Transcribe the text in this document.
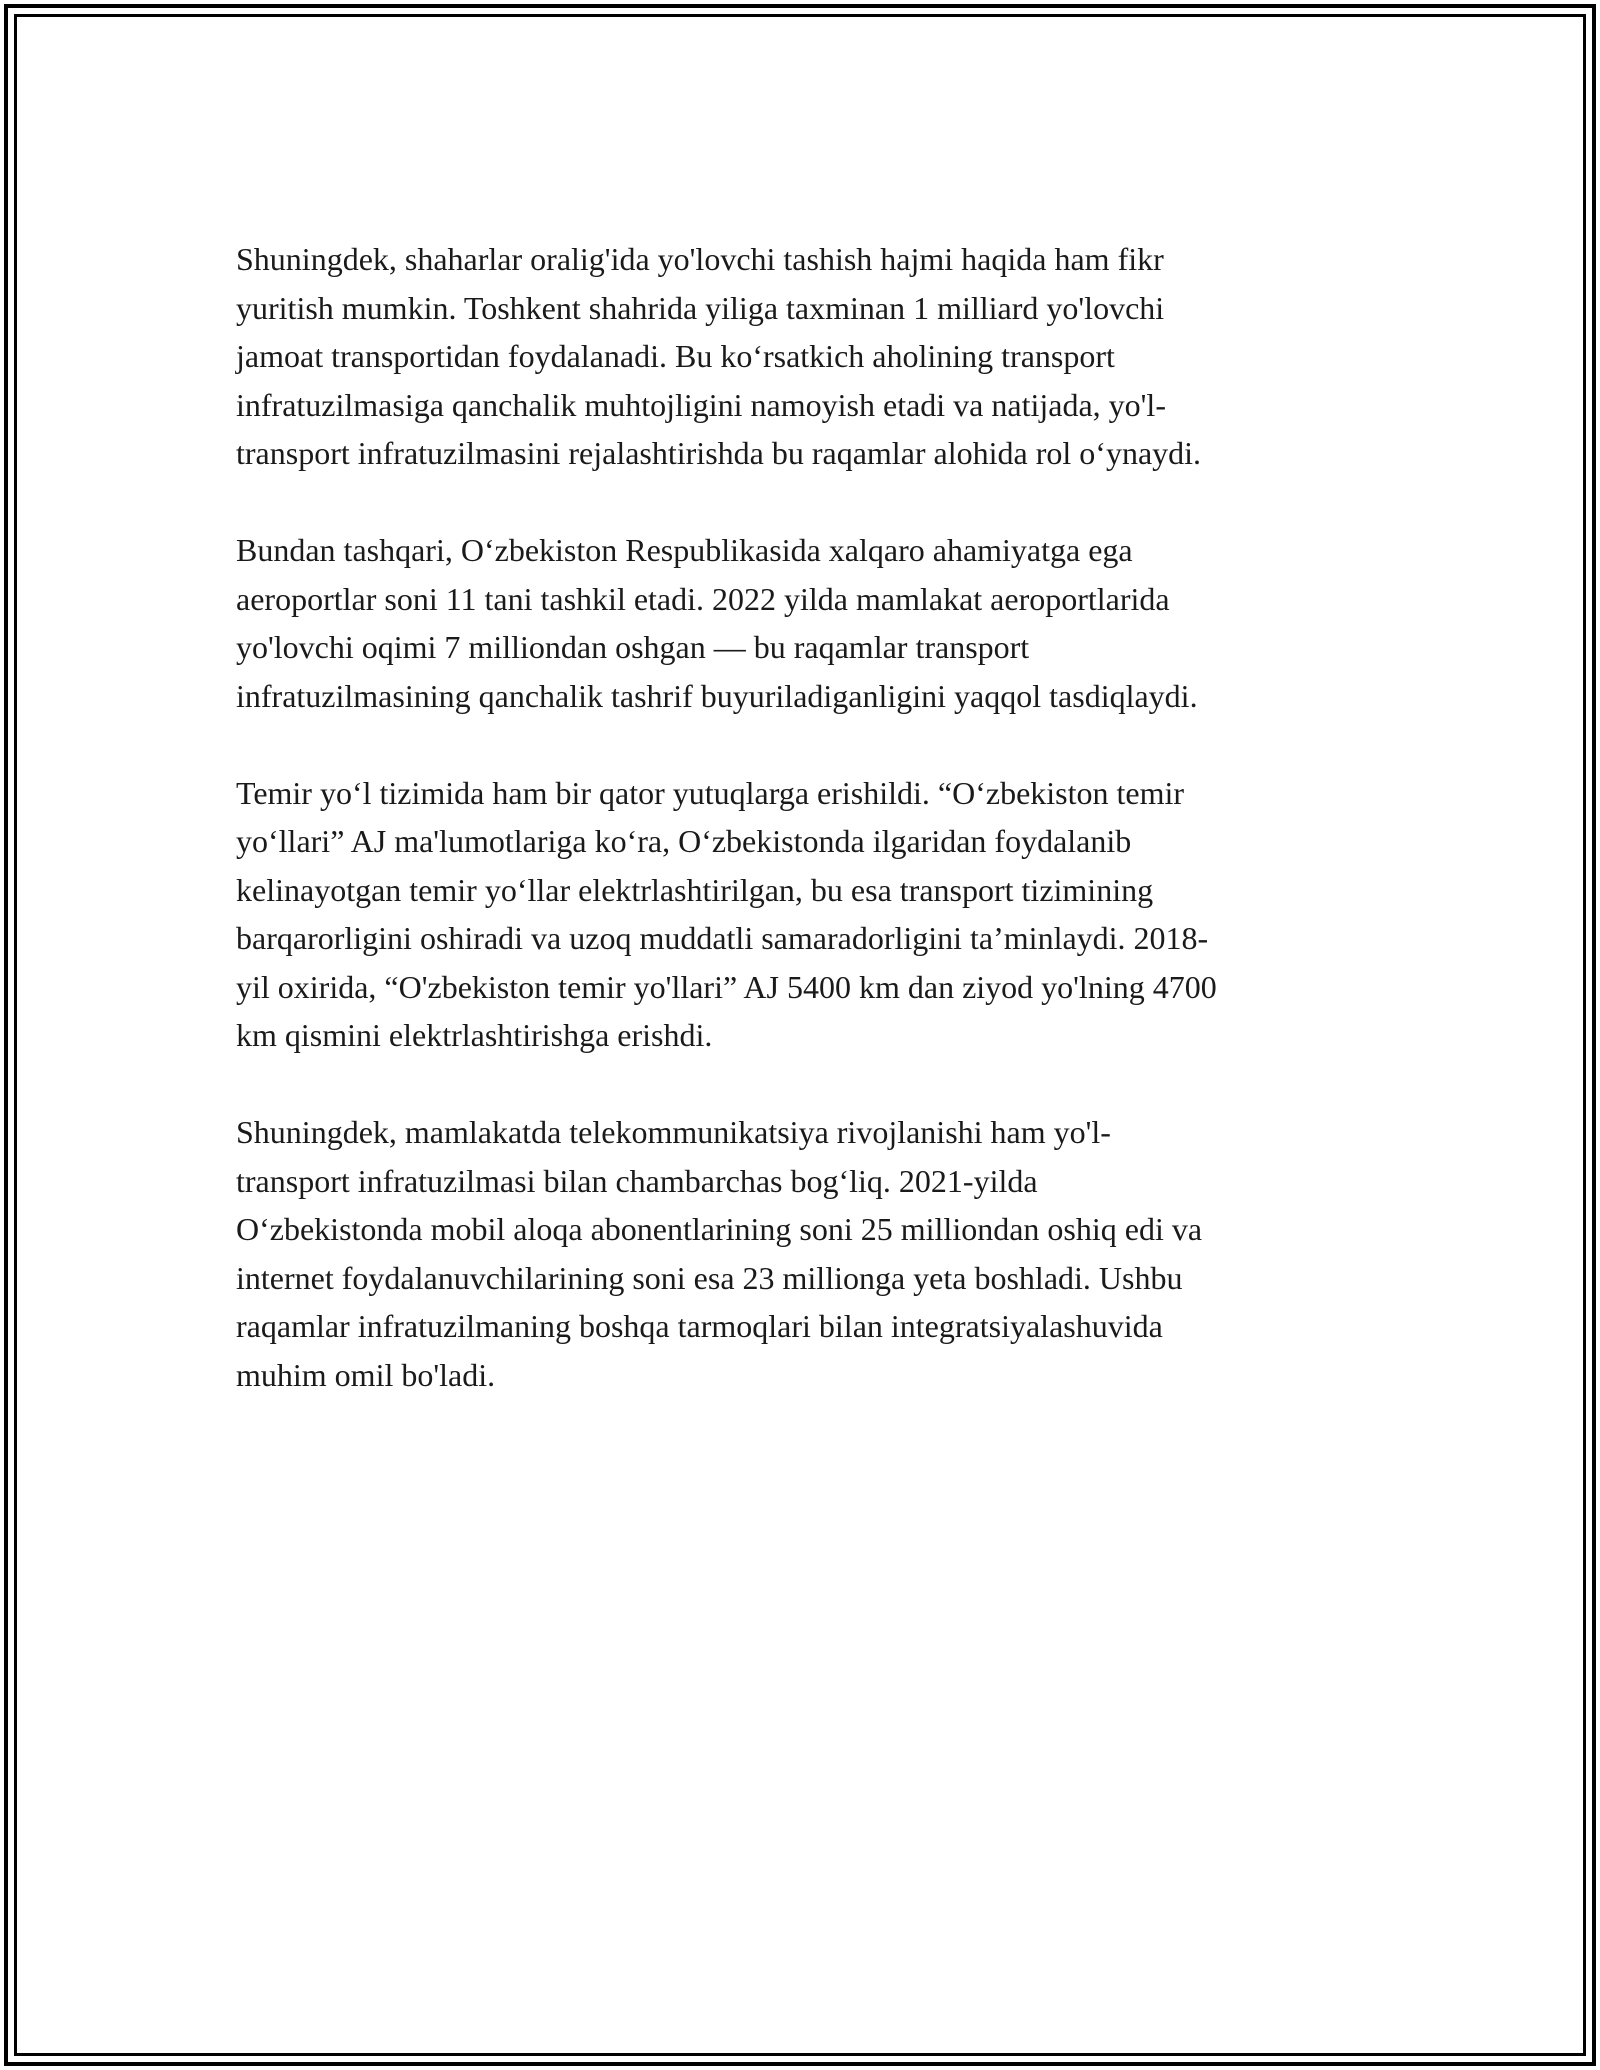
Shuningdek, shaharlar oralig'ida yo'lovchi tashish hajmi haqida ham fikr
yuritish mumkin. Toshkent shahrida yiliga taxminan 1 milliard yo'lovchi
jamoat transportidan foydalanadi. Bu ko‘rsatkich aholining transport
infratuzilmasiga qanchalik muhtojligini namoyish etadi va natijada, yo'l-
transport infratuzilmasini rejalashtirishda bu raqamlar alohida rol o‘ynaydi.

Bundan tashqari, O‘zbekiston Respublikasida xalqaro ahamiyatga ega
aeroportlar soni 11 tani tashkil etadi. 2022 yilda mamlakat aeroportlarida
yo'lovchi oqimi 7 milliondan oshgan — bu raqamlar transport
infratuzilmasining qanchalik tashrif buyuriladiganligini yaqqol tasdiqlaydi.

Temir yo‘l tizimida ham bir qator yutuqlarga erishildi. “O‘zbekiston temir
yo‘llari” AJ ma'lumotlariga ko‘ra, O‘zbekistonda ilgaridan foydalanib
kelinayotgan temir yo‘llar elektrlashtirilgan, bu esa transport tizimining
barqarorligini oshiradi va uzoq muddatli samaradorligini ta’minlaydi. 2018-
yil oxirida, “O'zbekiston temir yo'llari” AJ 5400 km dan ziyod yo'lning 4700
km qismini elektrlashtirishga erishdi.

Shuningdek, mamlakatda telekommunikatsiya rivojlanishi ham yo'l-
transport infratuzilmasi bilan chambarchas bog‘liq. 2021-yilda
O‘zbekistonda mobil aloqa abonentlarining soni 25 milliondan oshiq edi va
internet foydalanuvchilarining soni esa 23 millionga yeta boshladi. Ushbu
raqamlar infratuzilmaning boshqa tarmoqlari bilan integratsiyalashuvida
muhim omil bo'ladi.
